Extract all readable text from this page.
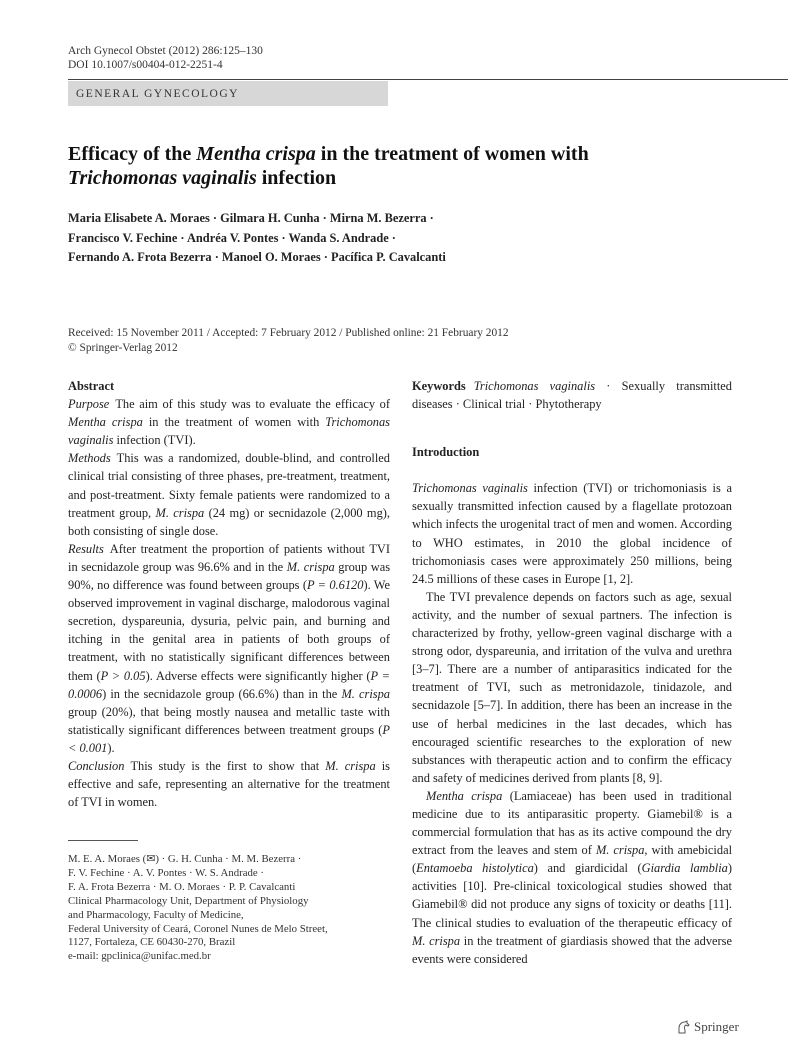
Arch Gynecol Obstet (2012) 286:125–130
DOI 10.1007/s00404-012-2251-4
GENERAL GYNECOLOGY
Efficacy of the Mentha crispa in the treatment of women with Trichomonas vaginalis infection
Maria Elisabete A. Moraes · Gilmara H. Cunha · Mirna M. Bezerra ·
Francisco V. Fechine · Andréa V. Pontes · Wanda S. Andrade ·
Fernando A. Frota Bezerra · Manoel O. Moraes · Pacífica P. Cavalcanti
Received: 15 November 2011 / Accepted: 7 February 2012 / Published online: 21 February 2012
© Springer-Verlag 2012
Abstract

Purpose The aim of this study was to evaluate the efficacy of Mentha crispa in the treatment of women with Trichomonas vaginalis infection (TVI).

Methods This was a randomized, double-blind, and controlled clinical trial consisting of three phases, pre-treatment, treatment, and post-treatment. Sixty female patients were randomized to a treatment group, M. crispa (24 mg) or secnidazole (2,000 mg), both consisting of single dose.

Results After treatment the proportion of patients without TVI in secnidazole group was 96.6% and in the M. crispa group was 90%, no difference was found between groups (P = 0.6120). We observed improvement in vaginal discharge, malodorous vaginal secretion, dyspareunia, dysuria, pelvic pain, and burning and itching in the genital area in patients of both groups of treatment, with no statistically significant differences between them (P > 0.05). Adverse effects were significantly higher (P = 0.0006) in the secnidazole group (66.6%) than in the M. crispa group (20%), that being mostly nausea and metallic taste with statistically significant differences between treatment groups (P < 0.001).

Conclusion This study is the first to show that M. crispa is effective and safe, representing an alternative for the treatment of TVI in women.

M. E. A. Moraes (✉) · G. H. Cunha · M. M. Bezerra ·
F. V. Fechine · A. V. Pontes · W. S. Andrade ·
F. A. Frota Bezerra · M. O. Moraes · P. P. Cavalcanti
Clinical Pharmacology Unit, Department of Physiology
and Pharmacology, Faculty of Medicine,
Federal University of Ceará, Coronel Nunes de Melo Street,
1127, Fortaleza, CE 60430-270, Brazil
e-mail: gpclinica@unifac.med.br

Keywords Trichomonas vaginalis · Sexually transmitted diseases · Clinical trial · Phytotherapy

Introduction

Trichomonas vaginalis infection (TVI) or trichomoniasis is a sexually transmitted infection caused by a flagellate protozoan which infects the urogenital tract of men and women. According to WHO estimates, in 2010 the global incidence of trichomoniasis cases were approximately 250 millions, being 24.5 millions of these cases in Europe [1, 2].

The TVI prevalence depends on factors such as age, sexual activity, and the number of sexual partners. The infection is characterized by frothy, yellow-green vaginal discharge with a strong odor, dyspareunia, and irritation of the vulva and urethra [3–7]. There are a number of antiparasitics indicated for the treatment of TVI, such as metronidazole, tinidazole, and secnidazole [5–7]. In addition, there has been an increase in the use of herbal medicines in the last decades, which has encouraged scientific researches to the exploration of new substances with therapeutic action and to confirm the efficacy and safety of medicines derived from plants [8, 9].

Mentha crispa (Lamiaceae) has been used in traditional medicine due to its antiparasitic property. Giamebil® is a commercial formulation that has as its active compound the dry extract from the leaves and stem of M. crispa, with amebicidal (Entamoeba histolytica) and giardicidal (Giardia lamblia) activities [10]. Pre-clinical toxicological studies showed that Giamebil® did not produce any signs of toxicity or deaths [11]. The clinical studies to evaluation of the therapeutic efficacy of M. crispa in the treatment of giardiasis showed that the adverse events were considered

Springer
